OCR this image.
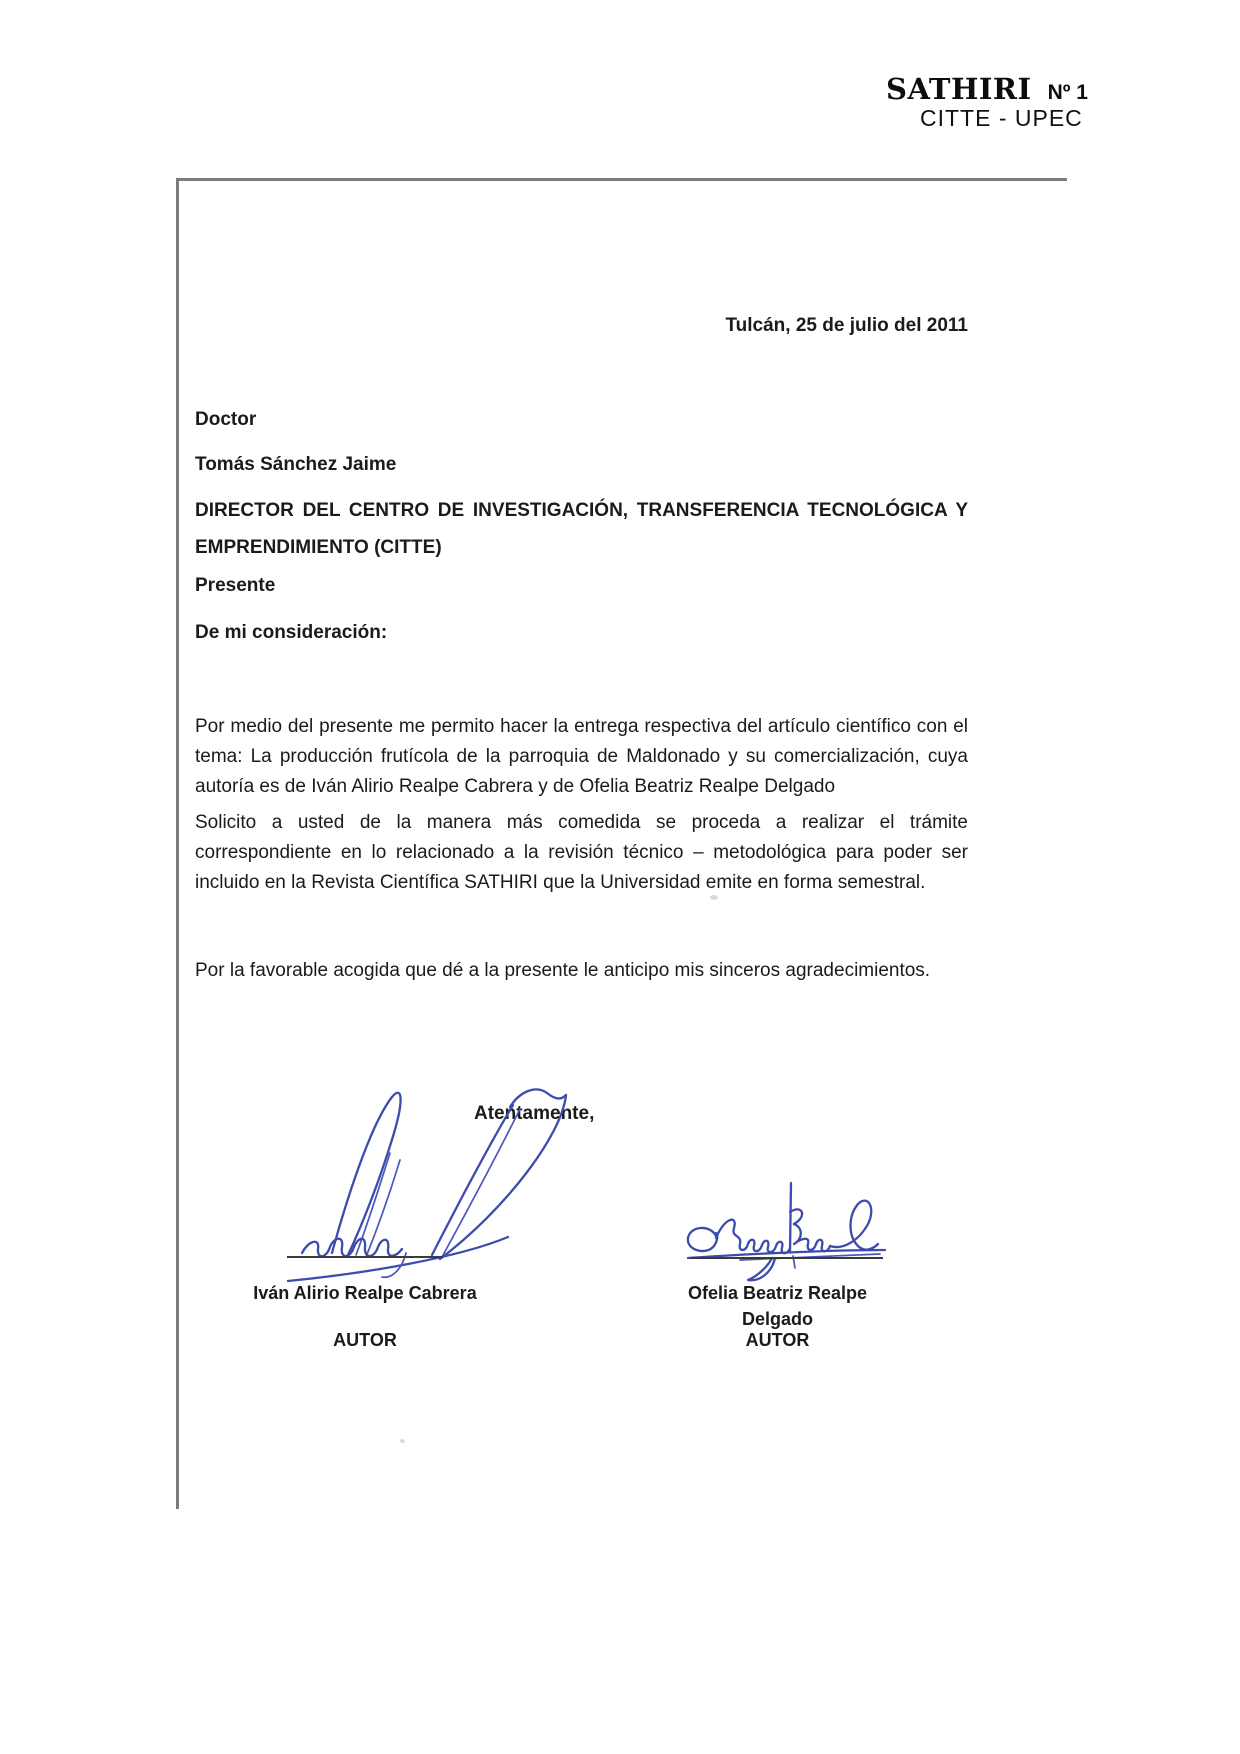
SATHIRI Nº 1
CITTE - UPEC
Tulcán, 25 de julio del 2011
Doctor
Tomás Sánchez Jaime
DIRECTOR DEL CENTRO DE INVESTIGACIÓN, TRANSFERENCIA TECNOLÓGICA Y
EMPRENDIMIENTO (CITTE)
Presente
De mi consideración:
Por medio del presente me permito hacer la entrega respectiva del artículo científico con el tema: La producción frutícola de la parroquia de Maldonado y su comercialización, cuya autoría es de Iván Alirio Realpe Cabrera y de Ofelia Beatriz Realpe Delgado
Solicito a usted de la manera más comedida se proceda a realizar el trámite correspondiente en lo relacionado a la revisión técnico – metodológica para poder ser incluido en la Revista Científica SATHIRI que la Universidad emite en forma semestral.
Por la favorable acogida que dé a la presente le anticipo mis sinceros agradecimientos.
Atentamente,
Iván Alirio Realpe Cabrera	Ofelia Beatriz Realpe Delgado
AUTOR	AUTOR
